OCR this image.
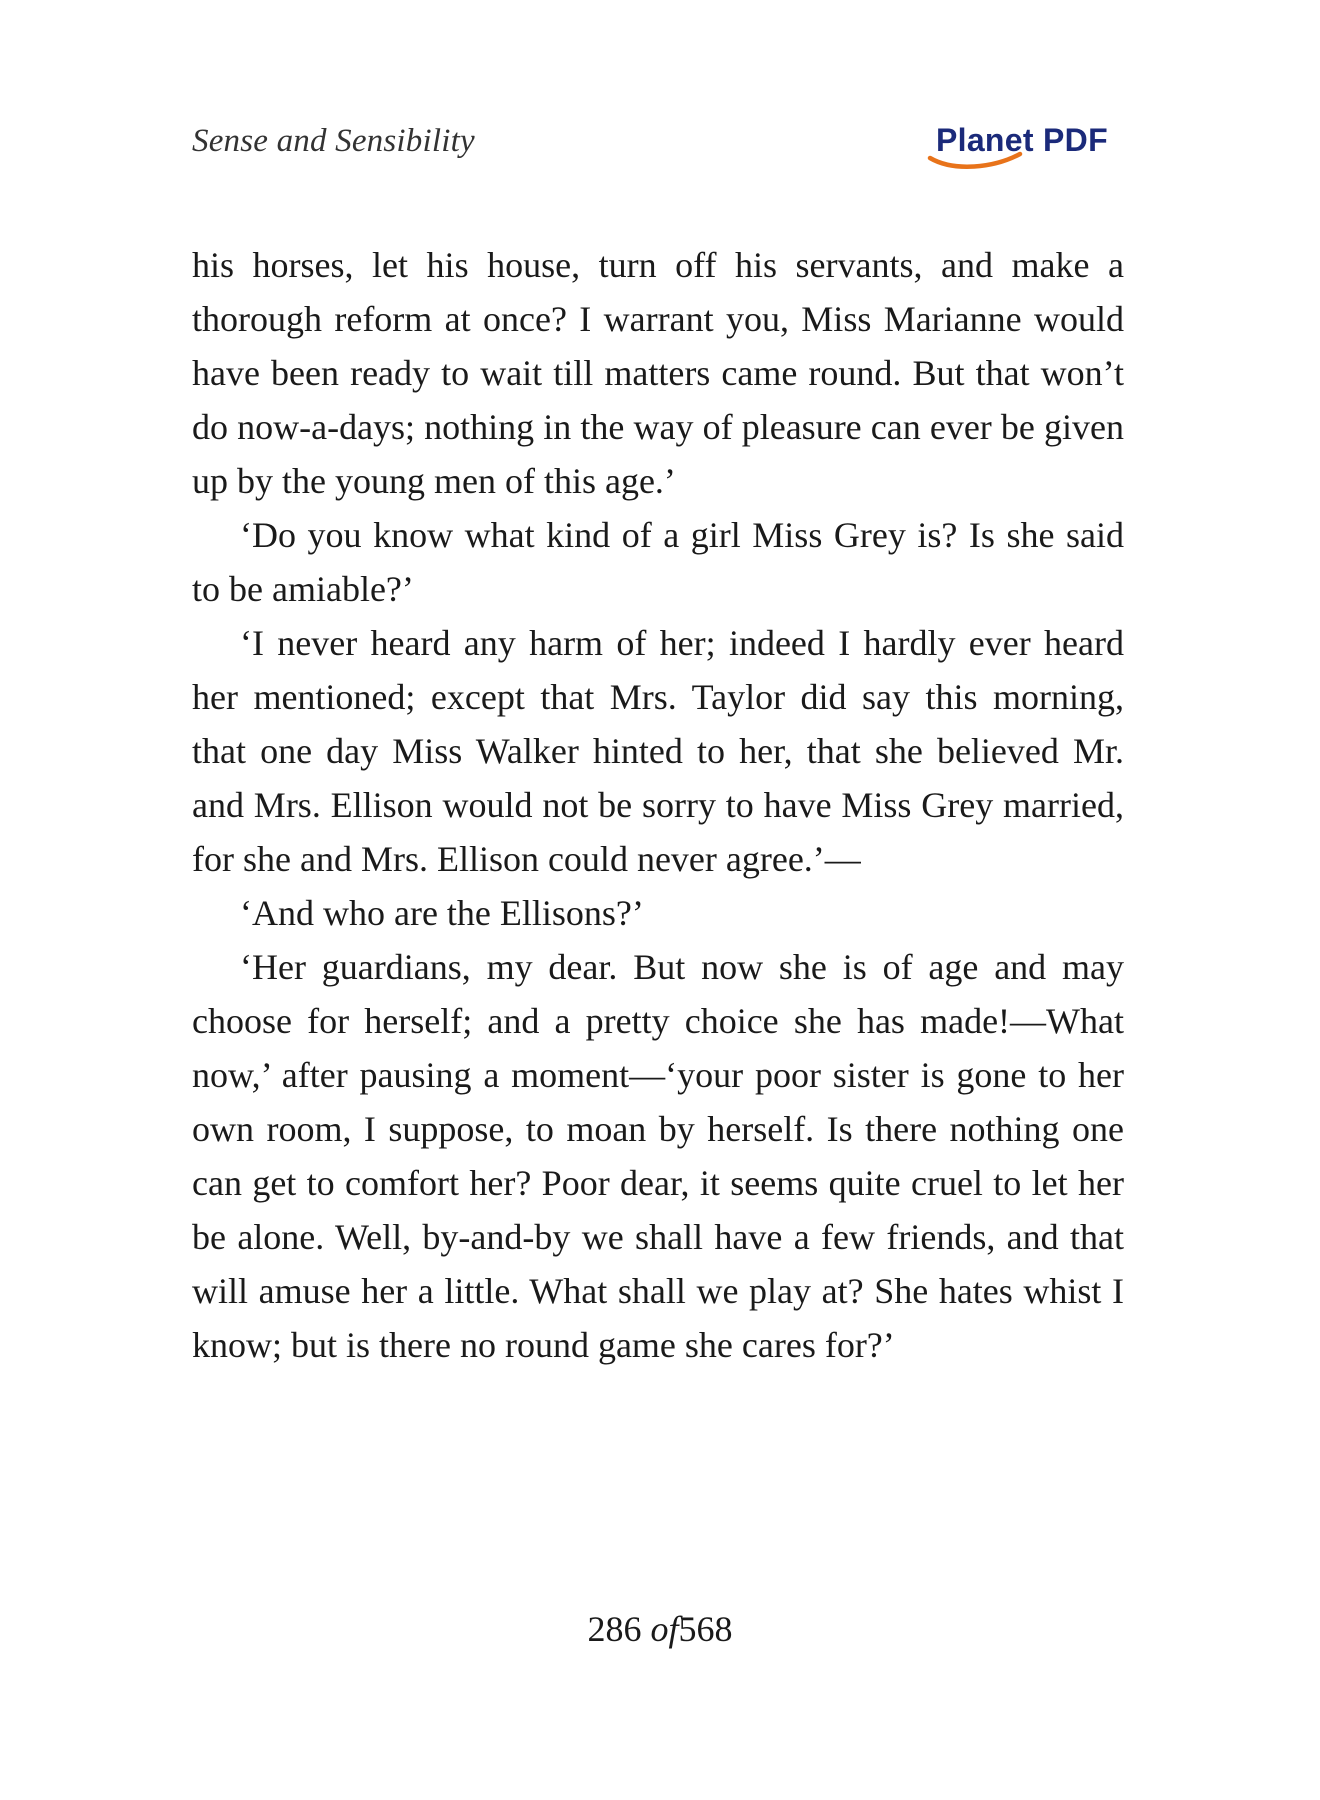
Sense and Sensibility	Planet PDF

his horses, let his house, turn off his servants, and make a thorough reform at once? I warrant you, Miss Marianne would have been ready to wait till matters came round. But that won’t do now-a-days; nothing in the way of pleasure can ever be given up by the young men of this age.’

‘Do you know what kind of a girl Miss Grey is? Is she said to be amiable?’

‘I never heard any harm of her; indeed I hardly ever heard her mentioned; except that Mrs. Taylor did say this morning, that one day Miss Walker hinted to her, that she believed Mr. and Mrs. Ellison would not be sorry to have Miss Grey married, for she and Mrs. Ellison could never agree.’—

‘And who are the Ellisons?’

‘Her guardians, my dear. But now she is of age and may choose for herself; and a pretty choice she has made!—What now,’ after pausing a moment—‘your poor sister is gone to her own room, I suppose, to moan by herself. Is there nothing one can get to comfort her? Poor dear, it seems quite cruel to let her be alone. Well, by-and-by we shall have a few friends, and that will amuse her a little. What shall we play at? She hates whist I know; but is there no round game she cares for?’

286 of568
